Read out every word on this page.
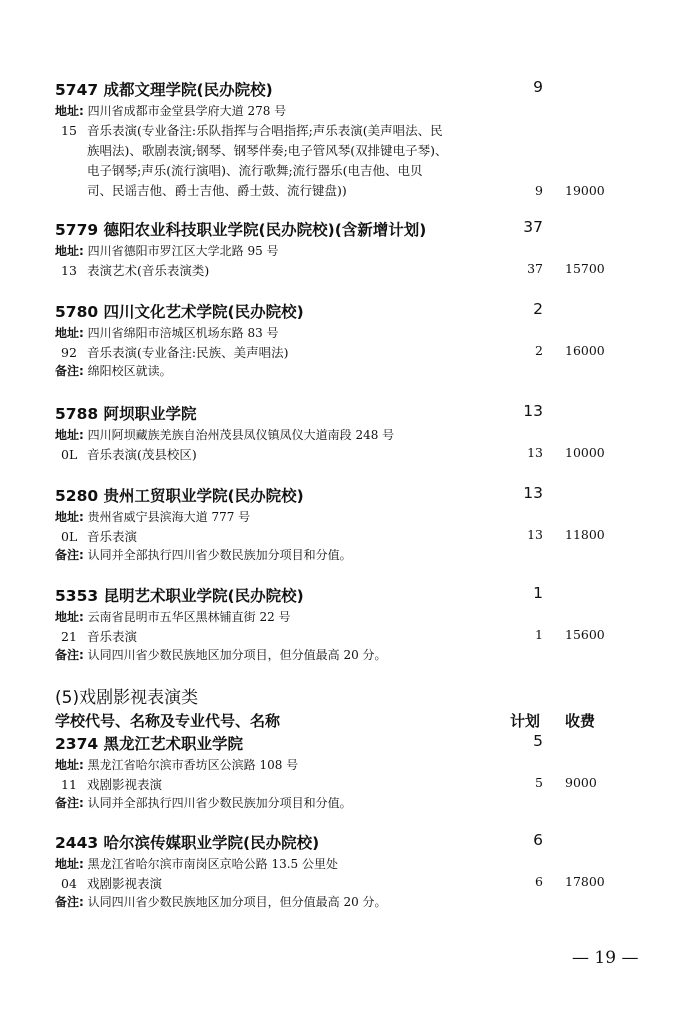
5747 成都文理学院(民办院校)	9
地址: 四川省成都市金堂县学府大道 278 号
15 音乐表演(专业备注:乐队指挥与合唱指挥;声乐表演(美声唱法、民
族唱法)、歌剧表演;钢琴、钢琴伴奏;电子管风琴(双排键电子琴)、
电子钢琴;声乐(流行演唱)、流行歌舞;流行器乐(电吉他、电贝
司、民谣吉他、爵士吉他、爵士鼓、流行键盘))	9 19000
5779 德阳农业科技职业学院(民办院校)(含新增计划)	37
地址: 四川省德阳市罗江区大学北路 95 号
13 表演艺术(音乐表演类)	37 15700
5780 四川文化艺术学院(民办院校)	2
地址: 四川省绵阳市涪城区机场东路 83 号
92 音乐表演(专业备注:民族、美声唱法)	2 16000
备注: 绵阳校区就读。
5788 阿坝职业学院	13
地址: 四川阿坝藏族羌族自治州茂县凤仪镇凤仪大道南段 248 号
0L 音乐表演(茂县校区)	13 10000
5280 贵州工贸职业学院(民办院校)	13
地址: 贵州省威宁县滨海大道 777 号
0L 音乐表演	13 11800
备注: 认同并全部执行四川省少数民族加分项目和分值。
5353 昆明艺术职业学院(民办院校)	1
地址: 云南省昆明市五华区黑林铺直街 22 号
21 音乐表演	1 15600
备注: 认同四川省少数民族地区加分项目，但分值最高 20 分。
(5)戏剧影视表演类
学校代号、名称及专业代号、名称	计划 收费
2374 黑龙江艺术职业学院	5
地址: 黑龙江省哈尔滨市香坊区公滨路 108 号
11 戏剧影视表演	5 9000
备注: 认同并全部执行四川省少数民族加分项目和分值。
2443 哈尔滨传媒职业学院(民办院校)	6
地址: 黑龙江省哈尔滨市南岗区京哈公路 13.5 公里处
04 戏剧影视表演	6 17800
备注: 认同四川省少数民族地区加分项目，但分值最高 20 分。
— 19 —
